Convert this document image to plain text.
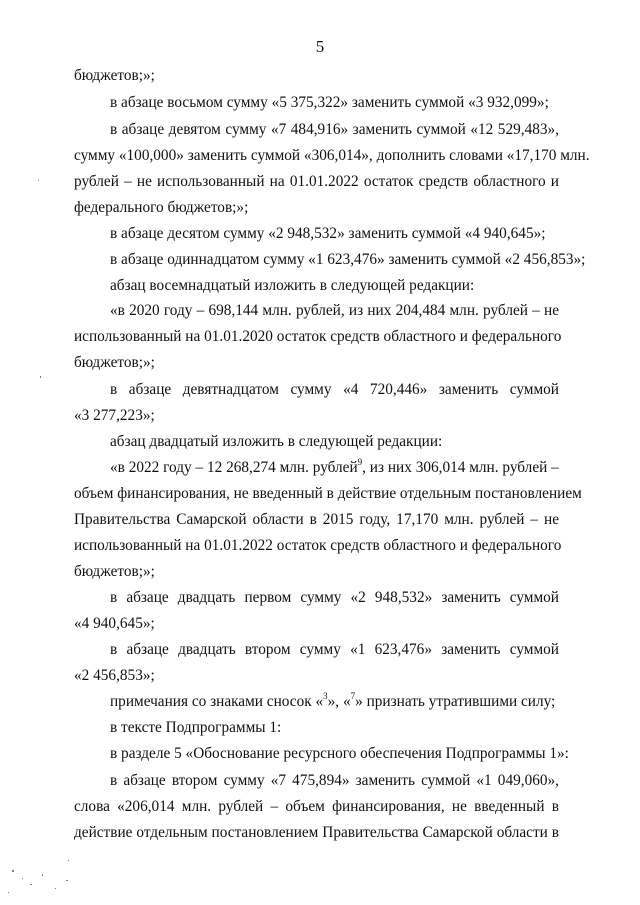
5
бюджетов;»;
в абзаце восьмом сумму «5 375,322» заменить суммой «3 932,099»;
в абзаце девятом сумму «7 484,916» заменить суммой «12 529,483»,
сумму «100,000» заменить суммой «306,014», дополнить словами «17,170 млн.
рублей – не использованный на 01.01.2022 остаток средств областного и
федерального бюджетов;»;
в абзаце десятом сумму «2 948,532» заменить суммой «4 940,645»;
в абзаце одиннадцатом сумму «1 623,476» заменить суммой «2 456,853»;
абзац восемнадцатый изложить в следующей редакции:
«в 2020 году – 698,144 млн. рублей, из них 204,484 млн. рублей – не
использованный на 01.01.2020 остаток средств областного и федерального
бюджетов;»;
в абзаце девятнадцатом сумму «4 720,446» заменить суммой
«3 277,223»;
абзац двадцатый изложить в следующей редакции:
«в 2022 году – 12 268,274 млн. рублей$^9$, из них 306,014 млн. рублей –
объем финансирования, не введенный в действие отдельным постановлением
Правительства Самарской области в 2015 году, 17,170 млн. рублей – не
использованный на 01.01.2022 остаток средств областного и федерального
бюджетов;»;
в абзаце двадцать первом сумму «2 948,532» заменить суммой
«4 940,645»;
в абзаце двадцать втором сумму «1 623,476» заменить суммой
«2 456,853»;
примечания со знаками сносок «$^3$», «$^7$» признать утратившими силу;
в тексте Подпрограммы 1:
в разделе 5 «Обоснование ресурсного обеспечения Подпрограммы 1»:
в абзаце втором сумму «7 475,894» заменить суммой «1 049,060»,
слова «206,014 млн. рублей – объем финансирования, не введенный в
действие отдельным постановлением Правительства Самарской области в
